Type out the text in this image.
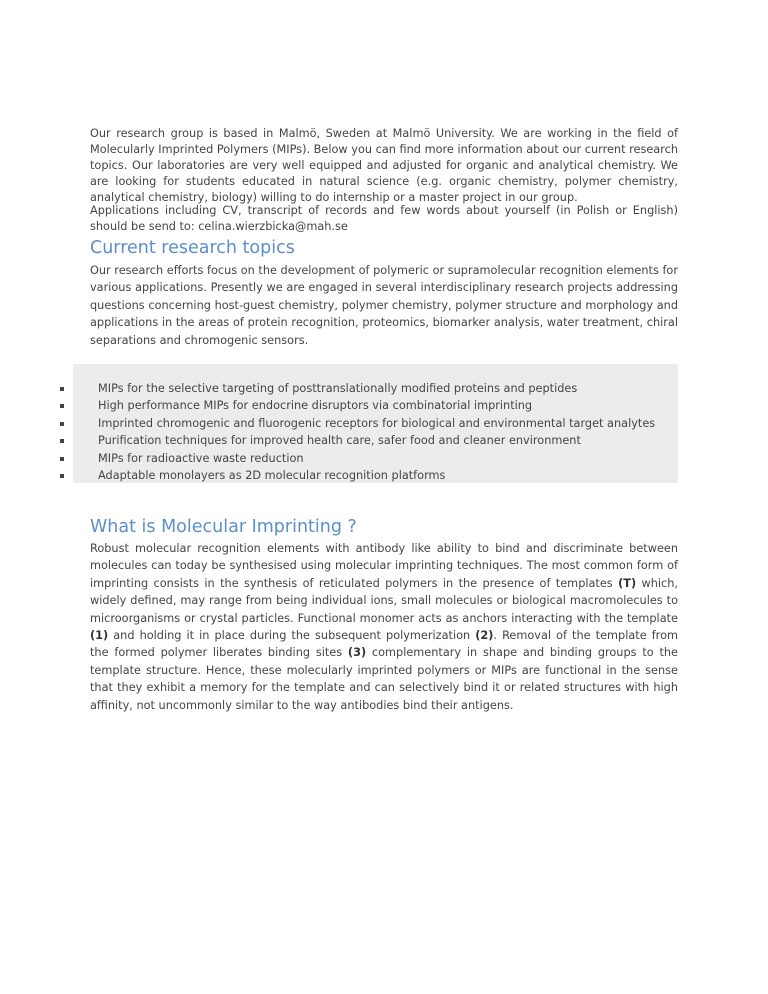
Our research group is based in Malmö, Sweden at Malmö University. We are working in the field of Molecularly Imprinted Polymers (MIPs). Below you can find more information about our current research topics. Our laboratories are very well equipped and adjusted for organic and analytical chemistry. We are looking for students educated in natural science (e.g. organic chemistry, polymer chemistry, analytical chemistry, biology) willing to do internship or a master project in our group.

Applications including CV, transcript of records and few words about yourself (in Polish or English) should be send to: celina.wierzbicka@mah.se

Current research topics

Our research efforts focus on the development of polymeric or supramolecular recognition elements for various applications. Presently we are engaged in several interdisciplinary research projects addressing questions concerning host-guest chemistry, polymer chemistry, polymer structure and morphology and applications in the areas of protein recognition, proteomics, biomarker analysis, water treatment, chiral separations and chromogenic sensors.

MIPs for the selective targeting of posttranslationally modified proteins and peptides
High performance MIPs for endocrine disruptors via combinatorial imprinting
Imprinted chromogenic and fluorogenic receptors for biological and environmental target analytes
Purification techniques for improved health care, safer food and cleaner environment
MIPs for radioactive waste reduction
Adaptable monolayers as 2D molecular recognition platforms
What is Molecular Imprinting ?

Robust molecular recognition elements with antibody like ability to bind and discriminate between molecules can today be synthesised using molecular imprinting techniques. The most common form of imprinting consists in the synthesis of reticulated polymers in the presence of templates (T) which, widely defined, may range from being individual ions, small molecules or biological macromolecules to microorganisms or crystal particles. Functional monomer acts as anchors interacting with the template (1) and holding it in place during the subsequent polymerization (2). Removal of the template from the formed polymer liberates binding sites (3) complementary in shape and binding groups to the template structure. Hence, these molecularly imprinted polymers or MIPs are functional in the sense that they exhibit a memory for the template and can selectively bind it or related structures with high affinity, not uncommonly similar to the way antibodies bind their antigens.
